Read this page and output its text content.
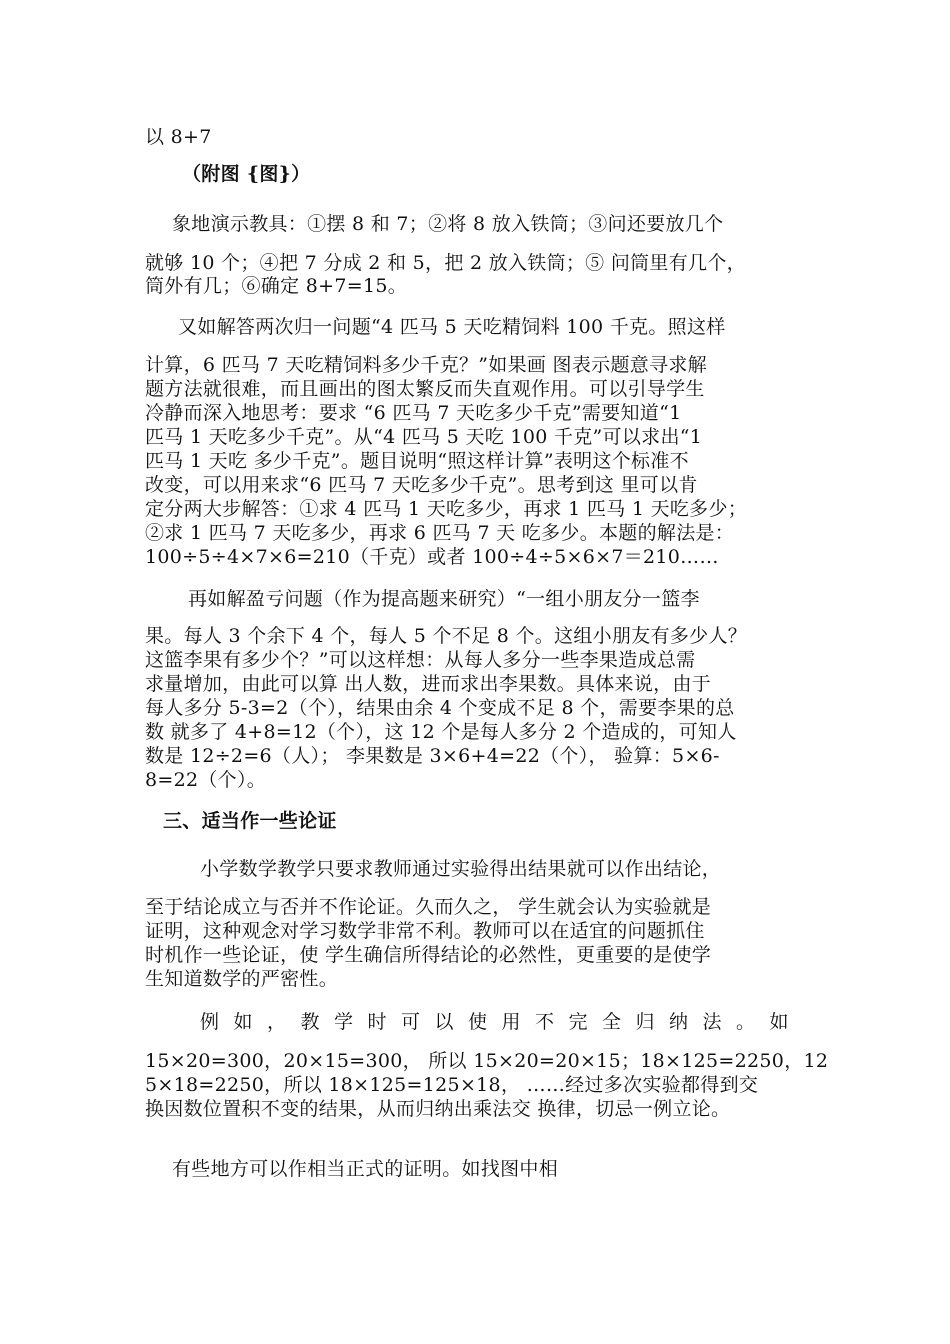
以 8+7
（附图 {图}）
象地演示教具：①摆 8 和 7；②将 8 放入铁筒；③问还要放几个
就够 10 个；④把 7 分成 2 和 5，把 2 放入铁筒；⑤ 问筒里有几个，
筒外有几；⑥确定 8+7=15。
又如解答两次归一问题“4 匹马 5 天吃精饲料 100 千克。照这样
计算，6 匹马 7 天吃精饲料多少千克？”如果画 图表示题意寻求解
题方法就很难，而且画出的图太繁反而失直观作用。可以引导学生
冷静而深入地思考：要求 “6 匹马 7 天吃多少千克”需要知道“1
匹马 1 天吃多少千克”。从“4 匹马 5 天吃 100 千克”可以求出“1
匹马 1 天吃 多少千克”。题目说明“照这样计算”表明这个标准不
改变，可以用来求“6 匹马 7 天吃多少千克”。思考到这 里可以肯
定分两大步解答：①求 4 匹马 1 天吃多少，再求 1 匹马 1 天吃多少；
②求 1 匹马 7 天吃多少，再求 6 匹马 7 天 吃多少。本题的解法是：
100÷5÷4×7×6=210（千克）或者 100÷4÷5×6×7＝210……
再如解盈亏问题（作为提高题来研究）“一组小朋友分一篮李
果。每人 3 个余下 4 个，每人 5 个不足 8 个。这组小朋友有多少人？
这篮李果有多少个？”可以这样想：从每人多分一些李果造成总需
求量增加，由此可以算 出人数，进而求出李果数。具体来说，由于
每人多分 5-3=2（个），结果由余 4 个变成不足 8 个，需要李果的总
数 就多了 4+8=12（个），这 12 个是每人多分 2 个造成的，可知人
数是 12÷2=6（人）； 李果数是 3×6+4=22（个）， 验算：5×6-
8=22（个）。
三、适当作一些论证
小学数学教学只要求教师通过实验得出结果就可以作出结论，
至于结论成立与否并不作论证。久而久之， 学生就会认为实验就是
证明，这种观念对学习数学非常不利。教师可以在适宜的问题抓住
时机作一些论证，使 学生确信所得结论的必然性，更重要的是使学
生知道数学的严密性。
例如，教学时可以使用不完全归纳法。如
15×20=300，20×15=300， 所以 15×20=20×15；18×125=2250，12
5×18=2250，所以 18×125=125×18， ……经过多次实验都得到交
换因数位置积不变的结果，从而归纳出乘法交 换律，切忌一例立论。
有些地方可以作相当正式的证明。如找图中相
